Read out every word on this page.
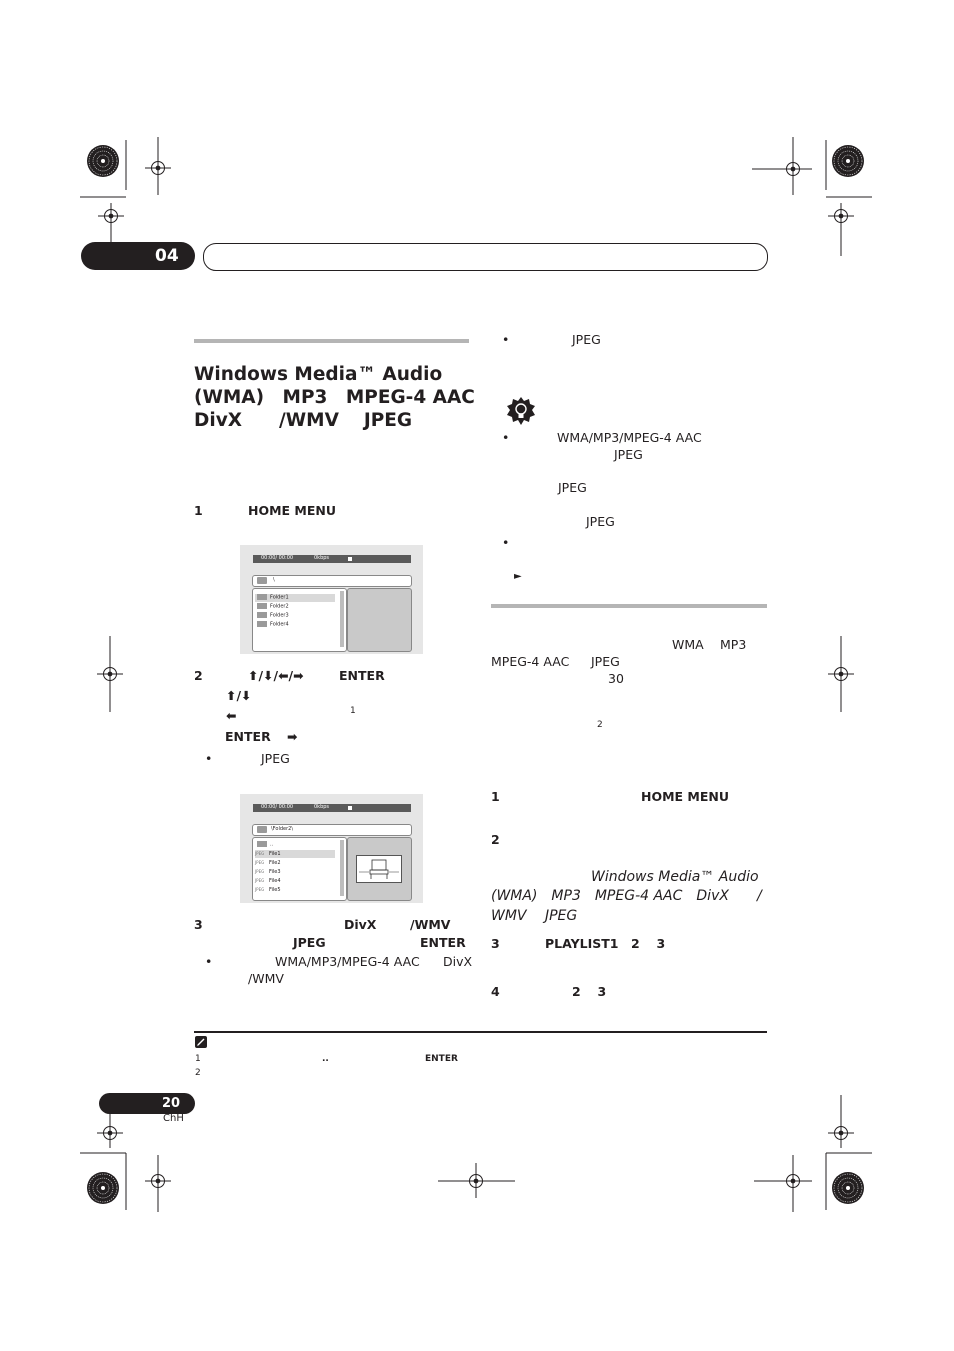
04
Windows Media™ Audio
(WMA)　MP3　MPEG-4 AAC
DivX　　/WMV　 JPEG
1	HOME MENU
00:00/ 00:00	0kbps
\
Folder1
Folder2
Folder3
Folder4
2	⬆/⬇/⬅/➡	ENTER
⬆/⬇
⬅	1
ENTER ➡
•	JPEG
00:00/ 00:00	0kbps
\Folder2\
..
JPEG File1
JPEG File2
JPEG File3
JPEG File4
JPEG File5
3	DivX	/WMV
JPEG	ENTER
•	WMA/MP3/MPEG-4 AAC DivX
/WMV
•	JPEG
•	WMA/MP3/MPEG-4 AAC
JPEG
JPEG
JPEG
•
►
WMA MP3
MPEG-4 AAC JPEG
30
2
1	HOME MENU
2
Windows Media™ Audio
(WMA)　MP3　MPEG-4 AAC　DivX　　/
WMV　 JPEG
3	PLAYLIST1　2　 3
4	2　 3
1	..	ENTER
2
20
ChH
